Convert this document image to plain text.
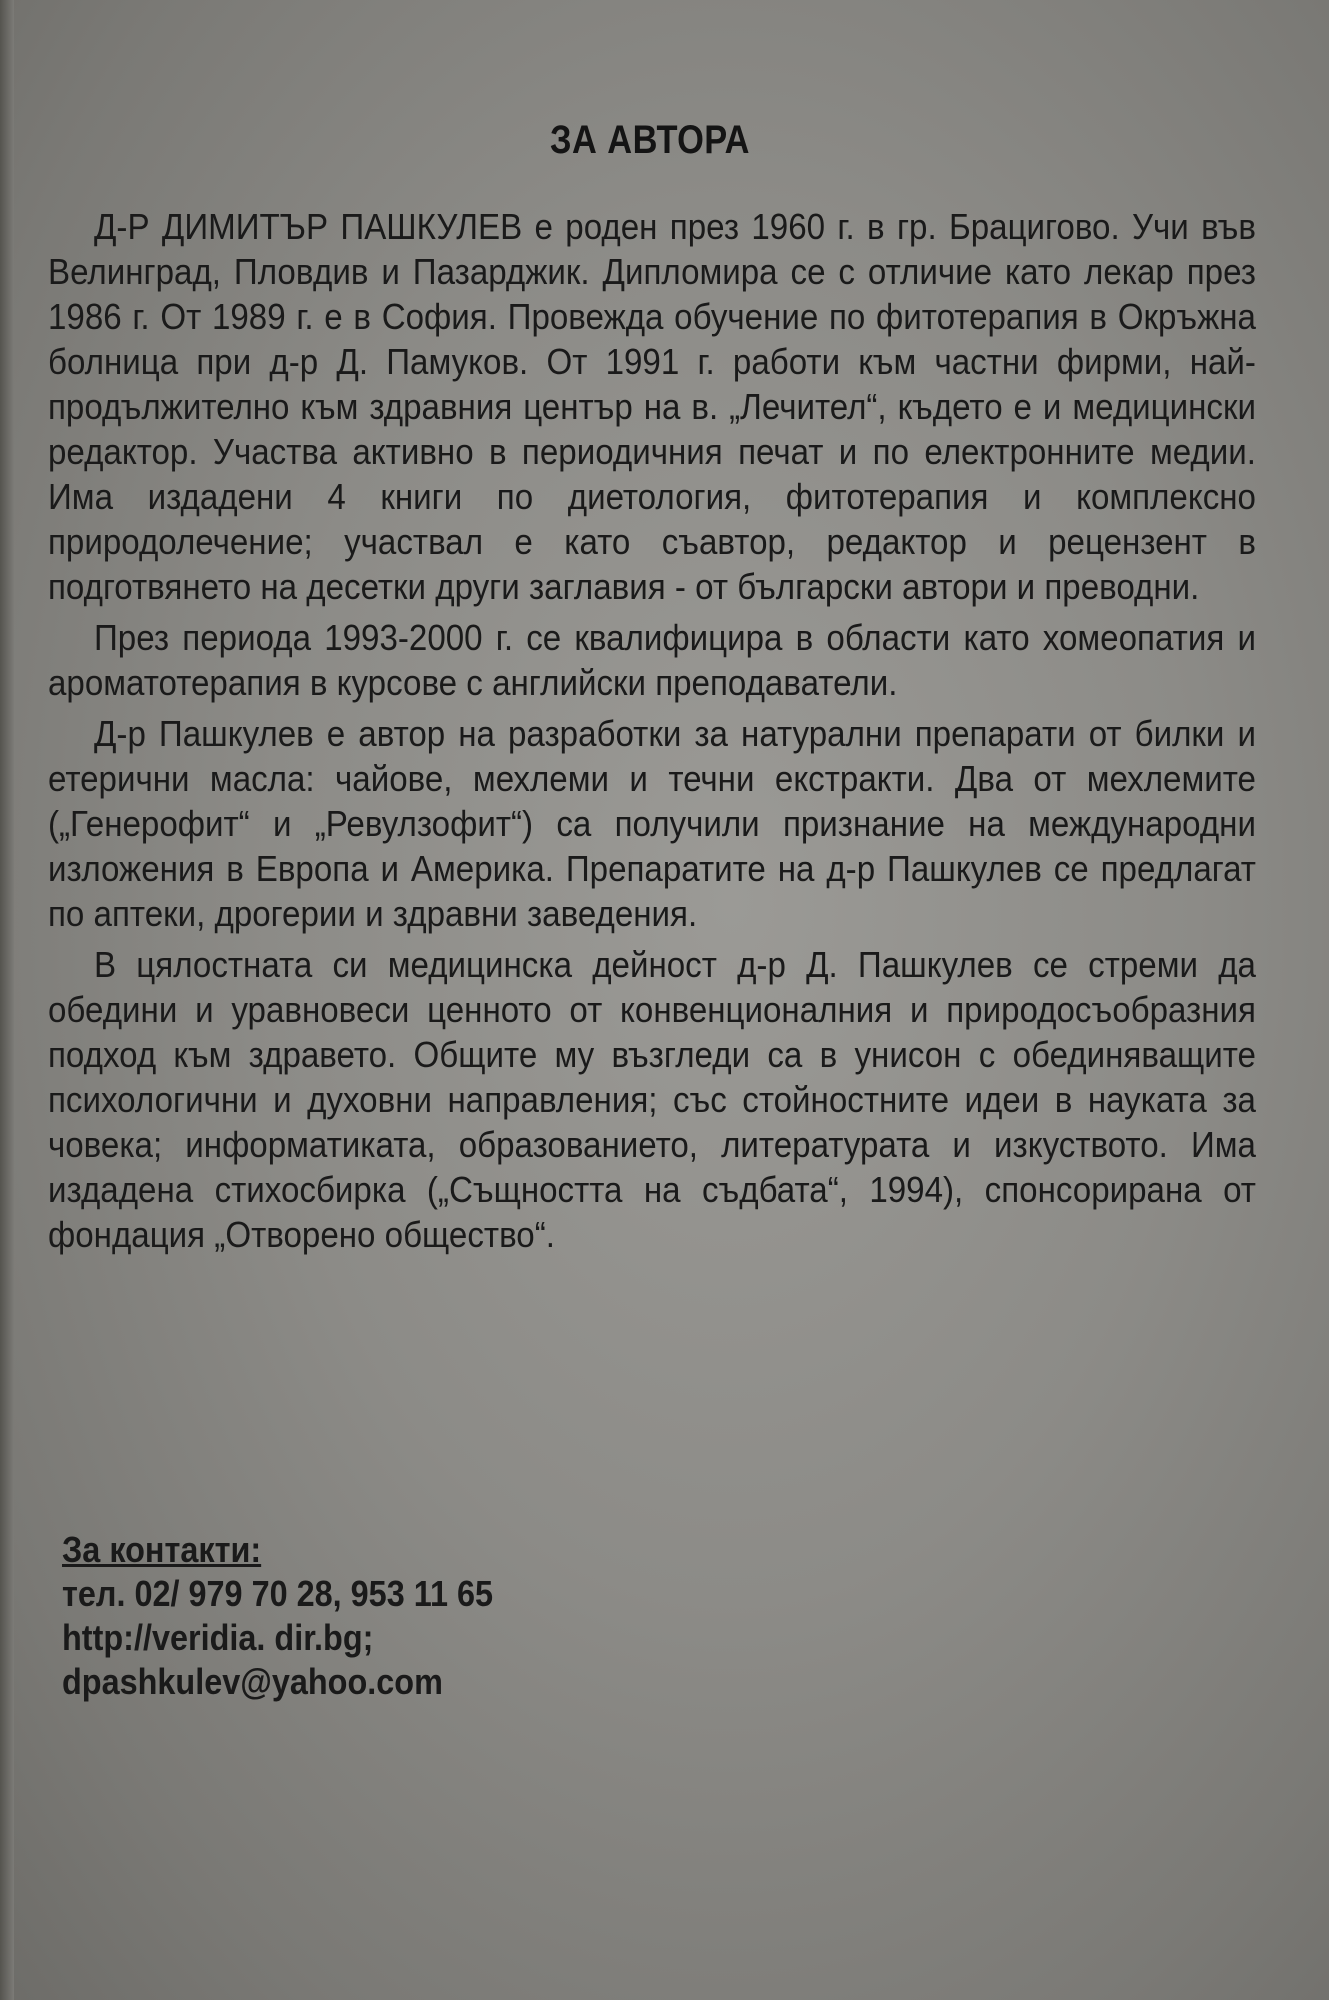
ЗА АВТОРА

Д-Р ДИМИТЪР ПАШКУЛЕВ е роден през 1960 г. в гр. Брацигово. Учи във Велинград, Пловдив и Пазарджик. Дипломира се с отличие като лекар през 1986 г. От 1989 г. е в София. Провежда обучение по фитотерапия в Окръжна болница при д-р Д. Памуков. От 1991 г. работи към частни фирми, най-продължително към здравния център на в. „Лечител“, където е и медицински редактор. Участва активно в периодичния печат и по електронните медии. Има издадени 4 книги по диетология, фитотерапия и комплексно природолечение; участвал е като съавтор, редактор и рецензент в подготвянето на десетки други заглавия - от български автори и преводни.

През периода 1993-2000 г. се квалифицира в области като хомеопатия и ароматотерапия в курсове с английски преподаватели.

Д-р Пашкулев е автор на разработки за натурални препарати от билки и етерични масла: чайове, мехлеми и течни екстракти. Два от мехлемите („Генерофит“ и „Ревулзофит“) са получили признание на международни изложения в Европа и Америка. Препаратите на д-р Пашкулев се предлагат по аптеки, дрогерии и здравни заведения.

В цялостната си медицинска дейност д-р Д. Пашкулев се стреми да обедини и уравновеси ценното от конвенционалния и природосъобразния подход към здравето. Общите му възгледи са в унисон с обединяващите психологични и духовни направления; със стойностните идеи в науката за човека; информатиката, образованието, литературата и изкуството. Има издадена стихосбирка („Същността на съдбата“, 1994), спонсорирана от фондация „Отворено общество“.

За контакти:
тел. 02/ 979 70 28, 953 11 65
http://veridia. dir.bg;
dpashkulev@yahoo.com
